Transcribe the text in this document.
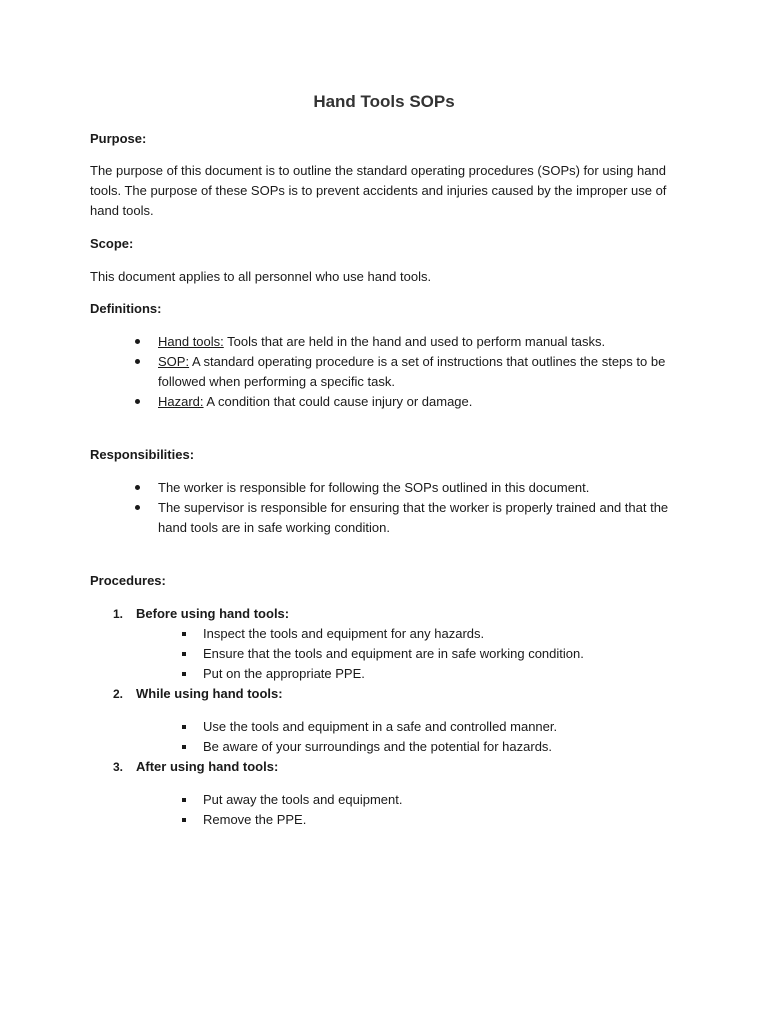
Hand Tools SOPs
Purpose:
The purpose of this document is to outline the standard operating procedures (SOPs) for using hand
tools. The purpose of these SOPs is to prevent accidents and injuries caused by the improper use of
hand tools.
Scope:
This document applies to all personnel who use hand tools.
Definitions:
Hand tools: Tools that are held in the hand and used to perform manual tasks.
SOP: A standard operating procedure is a set of instructions that outlines the steps to be
followed when performing a specific task.
Hazard: A condition that could cause injury or damage.
Responsibilities:
The worker is responsible for following the SOPs outlined in this document.
The supervisor is responsible for ensuring that the worker is properly trained and that the
hand tools are in safe working condition.
Procedures:
1. Before using hand tools:
Inspect the tools and equipment for any hazards.
Ensure that the tools and equipment are in safe working condition.
Put on the appropriate PPE.
2. While using hand tools:
Use the tools and equipment in a safe and controlled manner.
Be aware of your surroundings and the potential for hazards.
3. After using hand tools:
Put away the tools and equipment.
Remove the PPE.
